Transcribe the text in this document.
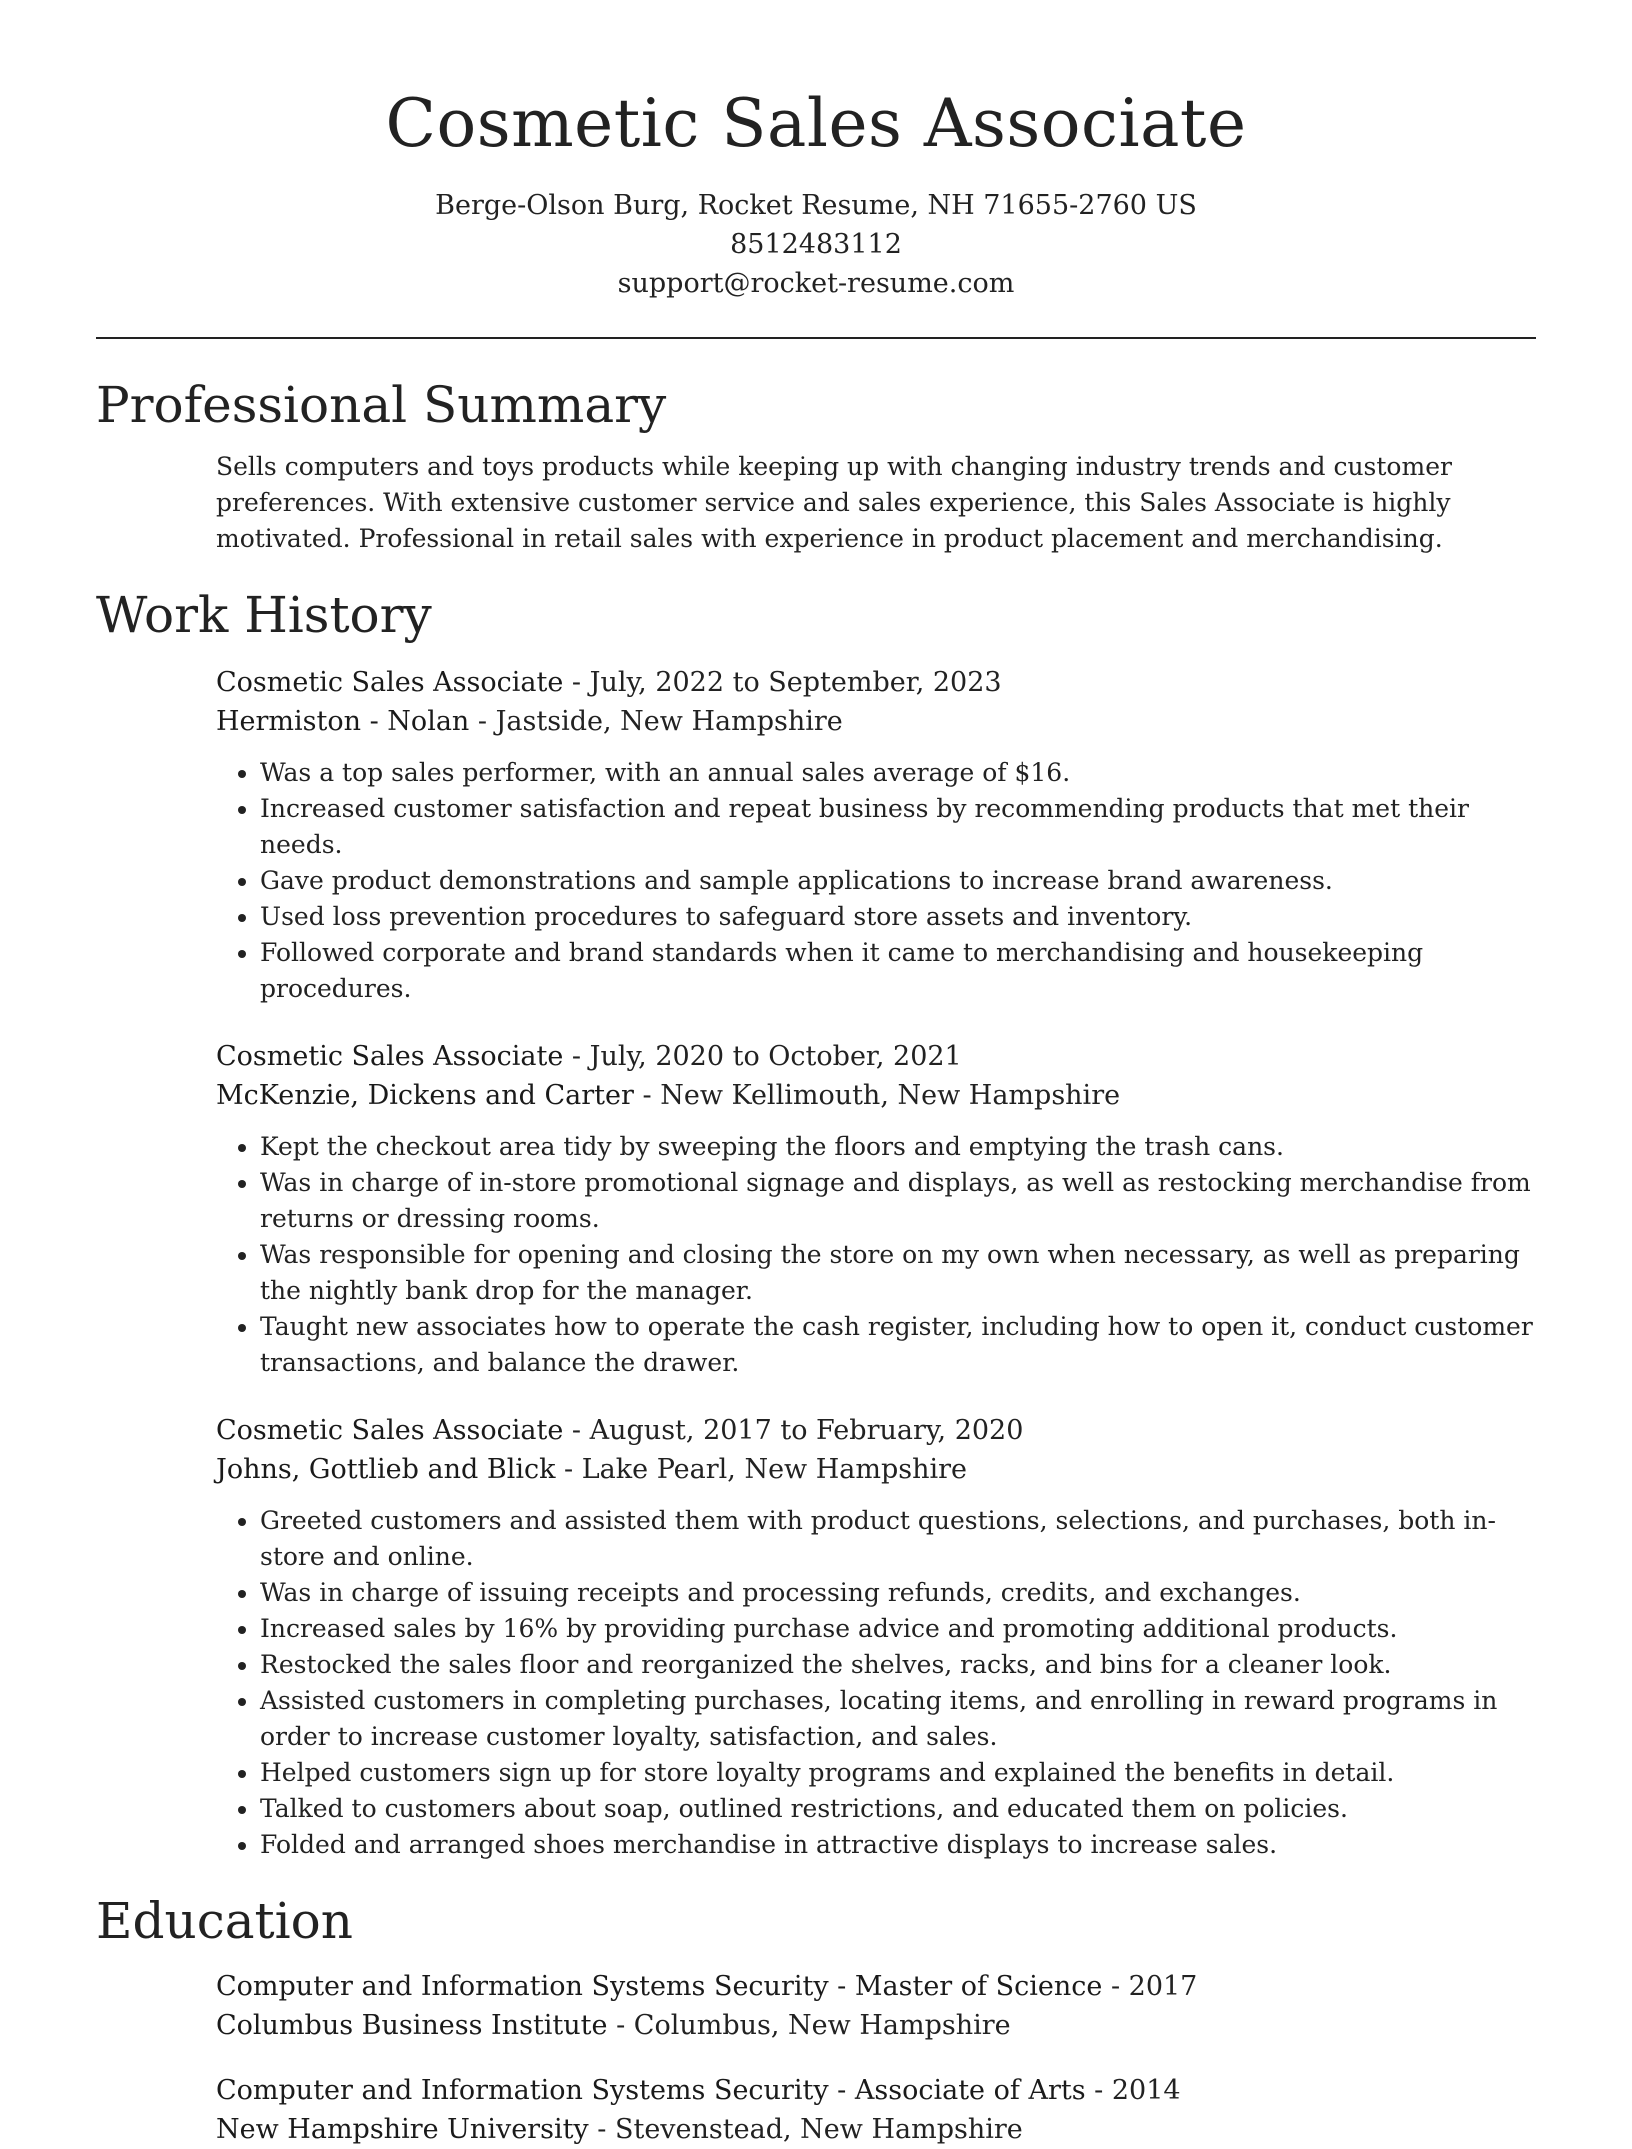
Cosmetic Sales Associate
Berge-Olson Burg, Rocket Resume, NH 71655-2760 US
8512483112
support@rocket-resume.com
Professional Summary
Sells computers and toys products while keeping up with changing industry trends and customer preferences. With extensive customer service and sales experience, this Sales Associate is highly motivated. Professional in retail sales with experience in product placement and merchandising.
Work History
Cosmetic Sales Associate - July, 2022 to September, 2023
Hermiston - Nolan - Jastside, New Hampshire
• Was a top sales performer, with an annual sales average of $16.
• Increased customer satisfaction and repeat business by recommending products that met their needs.
• Gave product demonstrations and sample applications to increase brand awareness.
• Used loss prevention procedures to safeguard store assets and inventory.
• Followed corporate and brand standards when it came to merchandising and housekeeping procedures.
Cosmetic Sales Associate - July, 2020 to October, 2021
McKenzie, Dickens and Carter - New Kellimouth, New Hampshire
• Kept the checkout area tidy by sweeping the floors and emptying the trash cans.
• Was in charge of in-store promotional signage and displays, as well as restocking merchandise from returns or dressing rooms.
• Was responsible for opening and closing the store on my own when necessary, as well as preparing the nightly bank drop for the manager.
• Taught new associates how to operate the cash register, including how to open it, conduct customer transactions, and balance the drawer.
Cosmetic Sales Associate - August, 2017 to February, 2020
Johns, Gottlieb and Blick - Lake Pearl, New Hampshire
• Greeted customers and assisted them with product questions, selections, and purchases, both in-store and online.
• Was in charge of issuing receipts and processing refunds, credits, and exchanges.
• Increased sales by 16% by providing purchase advice and promoting additional products.
• Restocked the sales floor and reorganized the shelves, racks, and bins for a cleaner look.
• Assisted customers in completing purchases, locating items, and enrolling in reward programs in order to increase customer loyalty, satisfaction, and sales.
• Helped customers sign up for store loyalty programs and explained the benefits in detail.
• Talked to customers about soap, outlined restrictions, and educated them on policies.
• Folded and arranged shoes merchandise in attractive displays to increase sales.
Education
Computer and Information Systems Security - Master of Science - 2017
Columbus Business Institute - Columbus, New Hampshire
Computer and Information Systems Security - Associate of Arts - 2014
New Hampshire University - Stevenstead, New Hampshire
